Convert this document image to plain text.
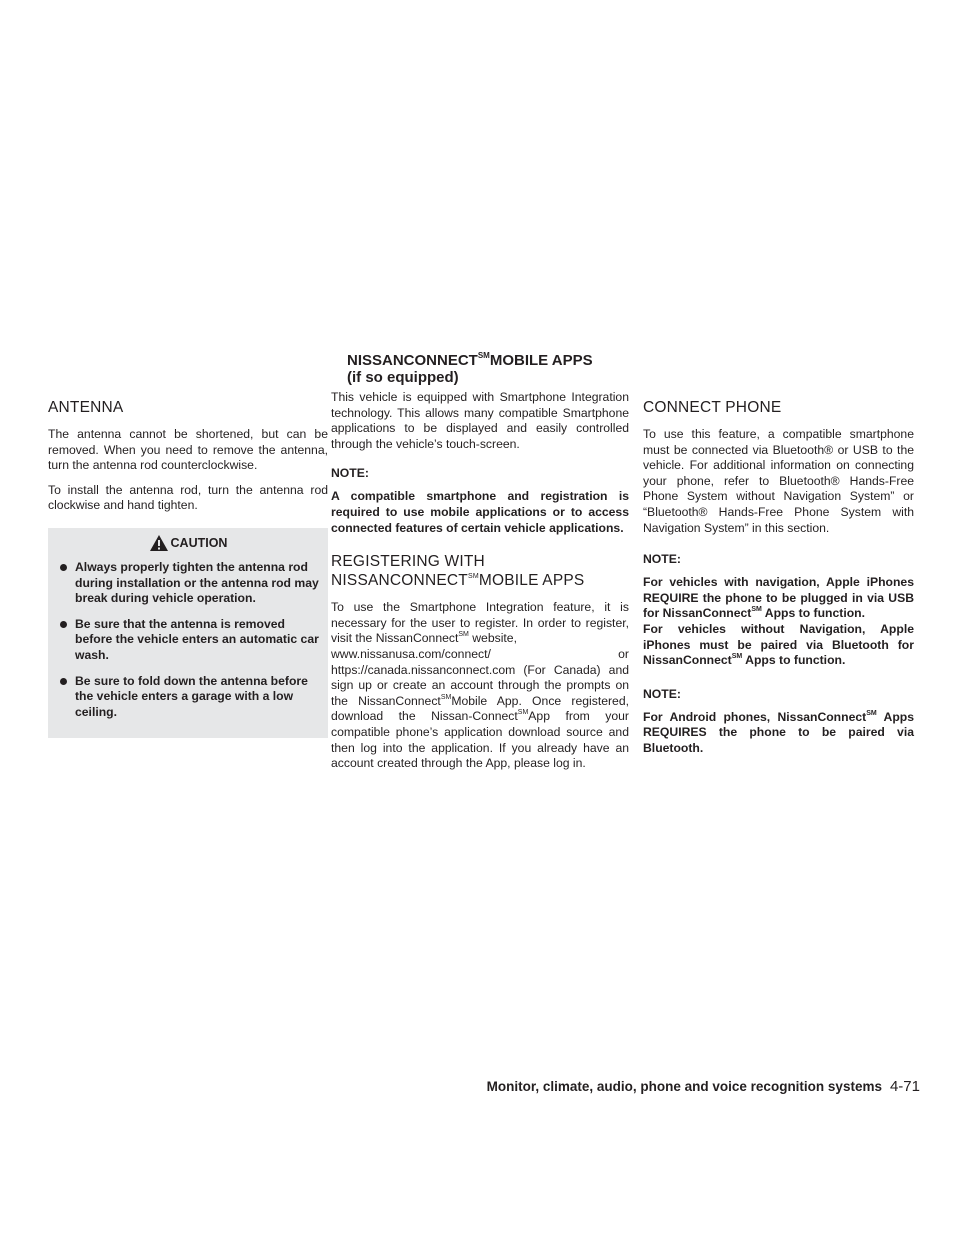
NISSANCONNECT℠MOBILE APPS
(if so equipped)
ANTENNA

The antenna cannot be shortened, but can be removed. When you need to remove the antenna, turn the antenna rod counterclockwise.

To install the antenna rod, turn the antenna rod clockwise and hand tighten.

CAUTION
Always properly tighten the antenna rod during installation or the antenna rod may break during vehicle operation.
Be sure that the antenna is removed before the vehicle enters an automatic car wash.
Be sure to fold down the antenna before the vehicle enters a garage with a low ceiling.

This vehicle is equipped with Smartphone Integration technology. This allows many compatible Smartphone applications to be displayed and easily controlled through the vehicle’s touch-screen.

NOTE:

A compatible smartphone and registration is required to use mobile applications or to access connected features of certain vehicle applications.

REGISTERING WITH
NISSANCONNECT℠MOBILE APPS

To use the Smartphone Integration feature, it is necessary for the user to register. In order to register, visit the NissanConnect℠ website,
www.nissanusa.com/connect/	or
https://canada.nissanconnect.com (For Canada) and sign up or create an account through the prompts on the NissanConnect℠Mobile App. Once registered, download the Nissan-Connect℠App from your compatible phone’s application download source and then log into the application. If you already have an account created through the App, please log in.

CONNECT PHONE

To use this feature, a compatible smartphone must be connected via Bluetooth® or USB to the vehicle. For additional information on connecting your phone, refer to Bluetooth® Hands-Free Phone System without Navigation System” or “Bluetooth® Hands-Free Phone System with Navigation System” in this section.

NOTE:

For vehicles with navigation, Apple iPhones REQUIRE the phone to be plugged in via USB for NissanConnect℠ Apps to function.

For vehicles without Navigation, Apple iPhones must be paired via Bluetooth for NissanConnect℠ Apps to function.

NOTE:

For Android phones, NissanConnect℠ Apps REQUIRES the phone to be paired via Bluetooth.

Monitor, climate, audio, phone and voice recognition systems 4-71
